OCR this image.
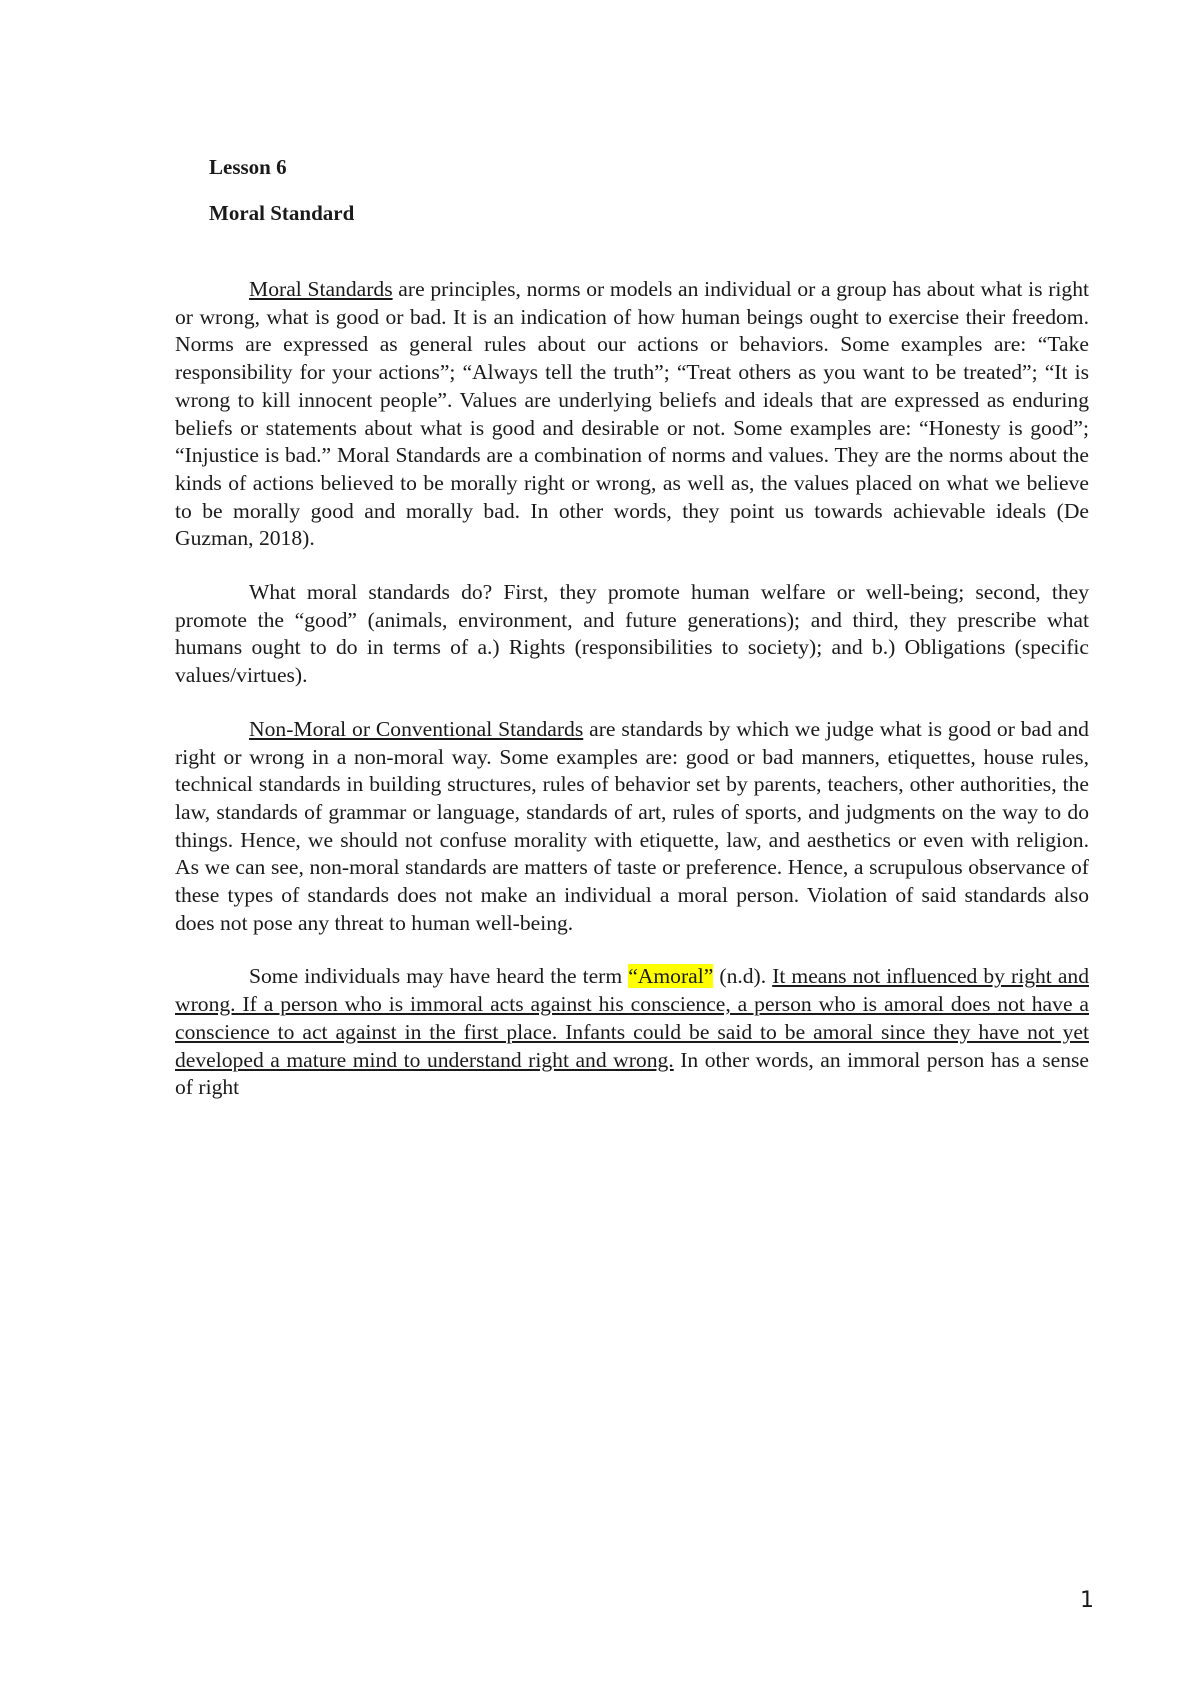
Lesson 6
Moral Standard

Moral Standards are principles, norms or models an individual or a group has about what is right or wrong, what is good or bad. It is an indication of how human beings ought to exercise their freedom. Norms are expressed as general rules about our actions or behaviors. Some examples are: “Take responsibility for your actions”; “Always tell the truth”; “Treat others as you want to be treated”; “It is wrong to kill innocent people”. Values are underlying beliefs and ideals that are expressed as enduring beliefs or statements about what is good and desirable or not. Some examples are: “Honesty is good”; “Injustice is bad.” Moral Standards are a combination of norms and values. They are the norms about the kinds of actions believed to be morally right or wrong, as well as, the values placed on what we believe to be morally good and morally bad. In other words, they point us towards achievable ideals (De Guzman, 2018).

What moral standards do? First, they promote human welfare or well-being; second, they promote the “good” (animals, environment, and future generations); and third, they prescribe what humans ought to do in terms of a.) Rights (responsibilities to society); and b.) Obligations (specific values/virtues).

Non-Moral or Conventional Standards are standards by which we judge what is good or bad and right or wrong in a non-moral way. Some examples are: good or bad manners, etiquettes, house rules, technical standards in building structures, rules of behavior set by parents, teachers, other authorities, the law, standards of grammar or language, standards of art, rules of sports, and judgments on the way to do things. Hence, we should not confuse morality with etiquette, law, and aesthetics or even with religion. As we can see, non-moral standards are matters of taste or preference. Hence, a scrupulous observance of these types of standards does not make an individual a moral person. Violation of said standards also does not pose any threat to human well-being.

Some individuals may have heard the term “Amoral” (n.d). It means not influenced by right and wrong. If a person who is immoral acts against his conscience, a person who is amoral does not have a conscience to act against in the first place. Infants could be said to be amoral since they have not yet developed a mature mind to understand right and wrong. In other words, an immoral person has a sense of right

1
